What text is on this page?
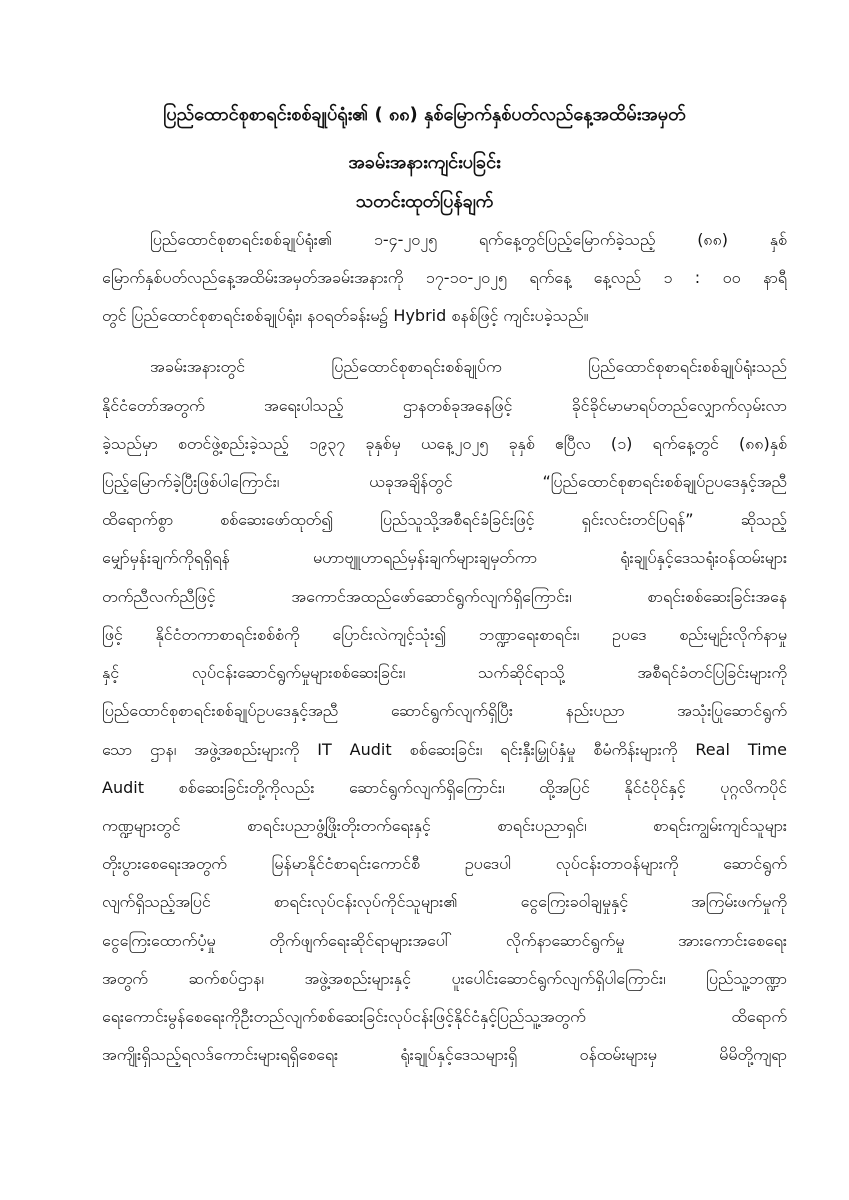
ပြည်ထောင်စုစာရင်းစစ်ချုပ်ရုံး၏ ( ၈၈) နှစ်မြောက်နှစ်ပတ်လည်နေ့အထိမ်းအမှတ်
အခမ်းအနားကျင်းပခြင်း
သတင်းထုတ်ပြန်ချက်
ပြည်ထောင်စုစာရင်းစစ်ချုပ်ရုံး၏ ၁-၄-၂၀၂၅ ရက်နေ့တွင်ပြည့်မြောက်ခဲ့သည့် (၈၈) နှစ်
မြောက်နှစ်ပတ်လည်နေ့အထိမ်းအမှတ်အခမ်းအနားကို ၁၇-၁၀-၂၀၂၅ ရက်နေ့ နေ့လည် ၁ : ၀၀ နာရီ
တွင် ပြည်ထောင်စုစာရင်းစစ်ချုပ်ရုံး၊ နဝရတ်ခန်းမ၌ Hybrid စနစ်ဖြင့် ကျင်းပခဲ့သည်။
အခမ်းအနားတွင် ပြည်ထောင်စုစာရင်းစစ်ချုပ်က ပြည်ထောင်စုစာရင်းစစ်ချုပ်ရုံးသည်
နိုင်ငံတော်အတွက် အရေးပါသည့် ဌာနတစ်ခုအနေဖြင့် ခိုင်ခိုင်မာမာရပ်တည်လျှောက်လှမ်းလာ
ခဲ့သည်မှာ စတင်ဖွဲ့စည်းခဲ့သည့် ၁၉၃၇ ခုနှစ်မှ ယနေ့၂၀၂၅ ခုနှစ် ဧပြီလ (၁) ရက်နေ့တွင် (၈၈)နှစ်
ပြည့်မြောက်ခဲ့ပြီးဖြစ်ပါကြောင်း၊ ယခုအချိန်တွင် “ပြည်ထောင်စုစာရင်းစစ်ချုပ်ဥပဒေနှင့်အညီ
ထိရောက်စွာ စစ်ဆေးဖော်ထုတ်၍ ပြည်သူသို့အစီရင်ခံခြင်းဖြင့် ရှင်းလင်းတင်ပြရန်” ဆိုသည့်
မျှော်မှန်းချက်ကိုရရှိရန် မဟာဗျူဟာရည်မှန်းချက်များချမှတ်ကာ ရုံးချုပ်နှင့်ဒေသရုံးဝန်ထမ်းများ
တက်ညီလက်ညီဖြင့် အကောင်အထည်ဖော်ဆောင်ရွက်လျက်ရှိကြောင်း၊ စာရင်းစစ်ဆေးခြင်းအနေ
ဖြင့် နိုင်ငံတကာစာရင်းစစ်စံကို ပြောင်းလဲကျင့်သုံး၍ ဘဏ္ဍာရေးစာရင်း၊ ဥပဒေ စည်းမျဉ်းလိုက်နာမှု
နှင့် လုပ်ငန်းဆောင်ရွက်မှုများစစ်ဆေးခြင်း၊ သက်ဆိုင်ရာသို့ အစီရင်ခံတင်ပြခြင်းများကို
ပြည်ထောင်စုစာရင်းစစ်ချုပ်ဥပဒေနှင့်အညီ ဆောင်ရွက်လျက်ရှိပြီး နည်းပညာ အသုံးပြုဆောင်ရွက်
သော ဌာန၊ အဖွဲ့အစည်းများကို IT Audit စစ်ဆေးခြင်း၊ ရင်းနှီးမြှုပ်နှံမှု စီမံကိန်းများကို Real Time
Audit စစ်ဆေးခြင်းတို့ကိုလည်း ဆောင်ရွက်လျက်ရှိကြောင်း၊ ထို့အပြင် နိုင်ငံပိုင်နှင့် ပုဂ္ဂလိကပိုင်
ကဏ္ဍများတွင် စာရင်းပညာဖွံ့ဖြိုးတိုးတက်ရေးနှင့် စာရင်းပညာရှင်၊ စာရင်းကျွမ်းကျင်သူများ
တိုးပွားစေရေးအတွက် မြန်မာနိုင်ငံစာရင်းကောင်စီ ဥပဒေပါ လုပ်ငန်းတာဝန်များကို ဆောင်ရွက်
လျက်ရှိသည့်အပြင် စာရင်းလုပ်ငန်းလုပ်ကိုင်သူများ၏ ငွေကြေးခဝါချမှုနှင့် အကြမ်းဖက်မှုကို
ငွေကြေးထောက်ပံ့မှု တိုက်ဖျက်ရေးဆိုင်ရာများအပေါ် လိုက်နာဆောင်ရွက်မှု အားကောင်းစေရေး
အတွက် ဆက်စပ်ဌာန၊ အဖွဲ့အစည်းများနှင့် ပူးပေါင်းဆောင်ရွက်လျက်ရှိပါကြောင်း၊ ပြည်သူ့ဘဏ္ဍာ
ရေးကောင်းမွန်စေရေးကိုဦးတည်လျက်စစ်ဆေးခြင်းလုပ်ငန်းဖြင့်နိုင်ငံနှင့်ပြည်သူ့အတွက် ထိရောက်
အကျိုးရှိသည့်ရလဒ်ကောင်းများရရှိစေရေး ရုံးချုပ်နှင့်ဒေသများရှိ ဝန်ထမ်းများမှ မိမိတို့ကျရာ
